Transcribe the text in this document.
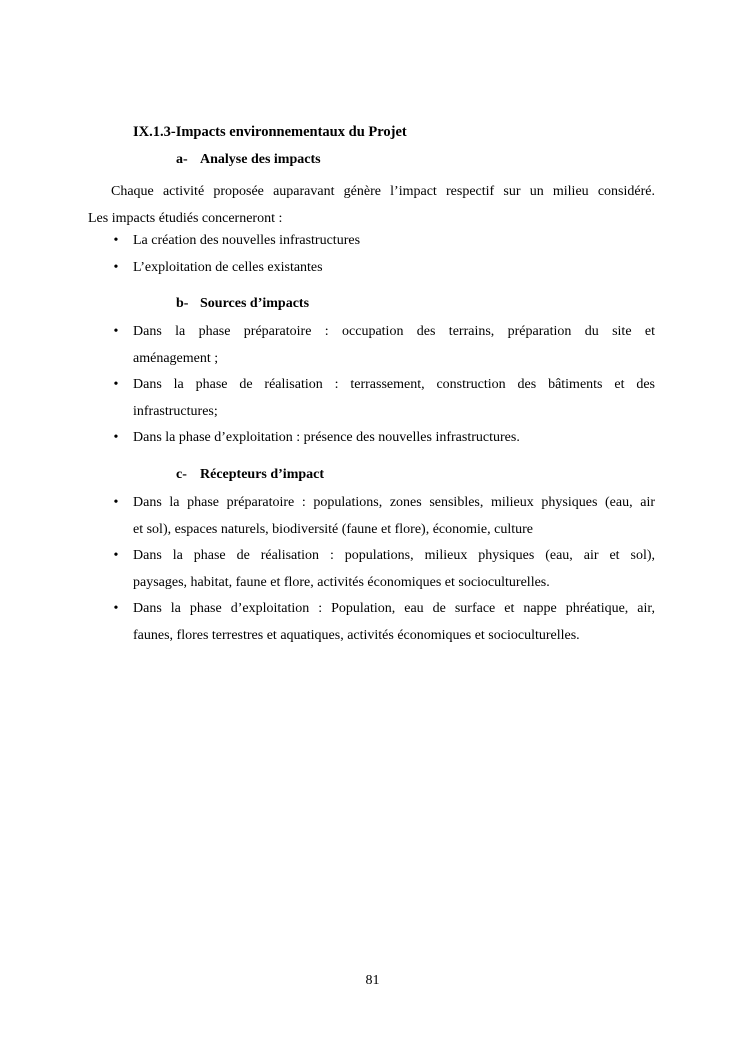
IX.1.3-Impacts environnementaux du Projet
a- Analyse des impacts
Chaque activité proposée auparavant génère l’impact respectif sur un milieu considéré.
Les impacts étudiés concerneront :
• La création des nouvelles infrastructures
• L’exploitation de celles existantes
b- Sources d’impacts
• Dans la phase préparatoire : occupation des terrains, préparation du site et
aménagement ;
• Dans la phase de réalisation : terrassement, construction des bâtiments et des
infrastructures;
• Dans la phase d’exploitation : présence des nouvelles infrastructures.
c- Récepteurs d’impact
• Dans la phase préparatoire : populations, zones sensibles, milieux physiques (eau, air
et sol), espaces naturels, biodiversité (faune et flore), économie, culture
• Dans la phase de réalisation : populations, milieux physiques (eau, air et sol),
paysages, habitat, faune et flore, activités économiques et socioculturelles.
• Dans la phase d’exploitation : Population, eau de surface et nappe phréatique, air,
faunes, flores terrestres et aquatiques, activités économiques et socioculturelles.
81
